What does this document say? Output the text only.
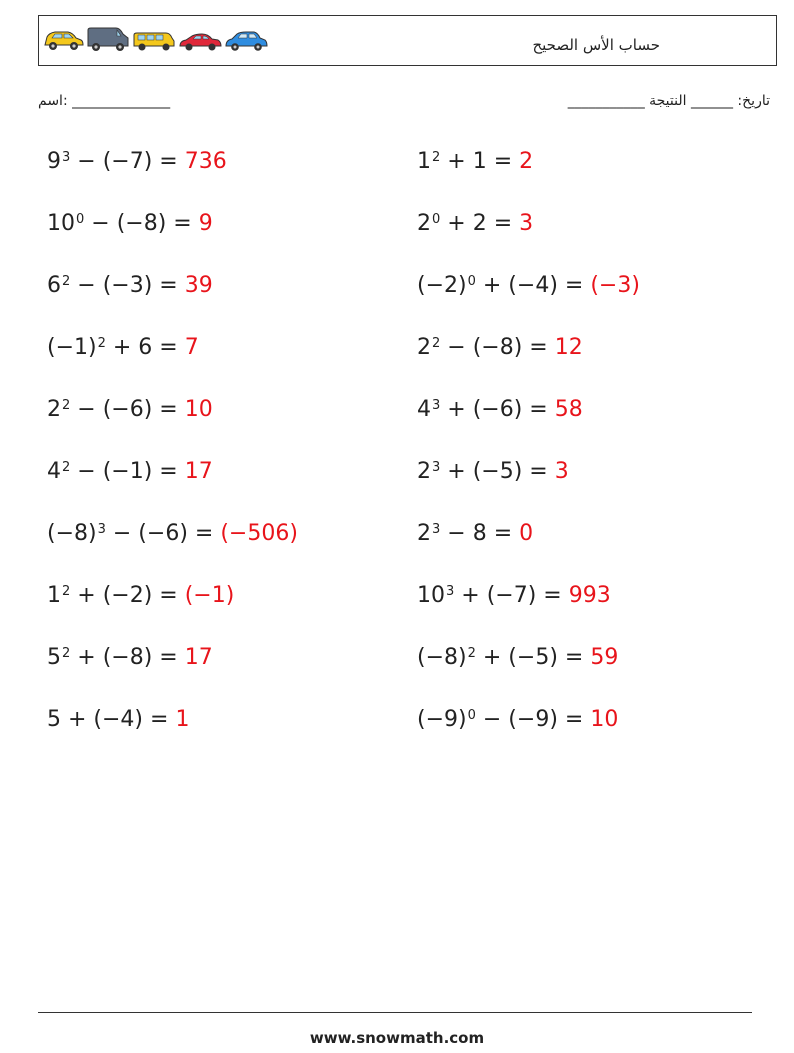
حساب الأس الصحيح
اسم: ______________	تاريخ: ______ النتيجة ___________
$9^3 - (-7) = 736$
$10^0 - (-8) = 9$
$6^2 - (-3) = 39$
$(-1)^2 + 6 = 7$
$2^2 - (-6) = 10$
$4^2 - (-1) = 17$
$(-8)^3 - (-6) = (-506)$
$1^2 + (-2) = (-1)$
$5^2 + (-8) = 17$
5 + (−4) = 1
$1^2 + 1 = 2$
$2^0 + 2 = 3$
$(-2)^0 + (-4) = (-3)$
$2^2 - (-8) = 12$
$4^3 + (-6) = 58$
$2^3 + (-5) = 3$
$2^3 - 8 = 0$
$10^3 + (-7) = 993$
$(-8)^2 + (-5) = 59$
$(-9)^0 - (-9) = 10$
www.snowmath.com
